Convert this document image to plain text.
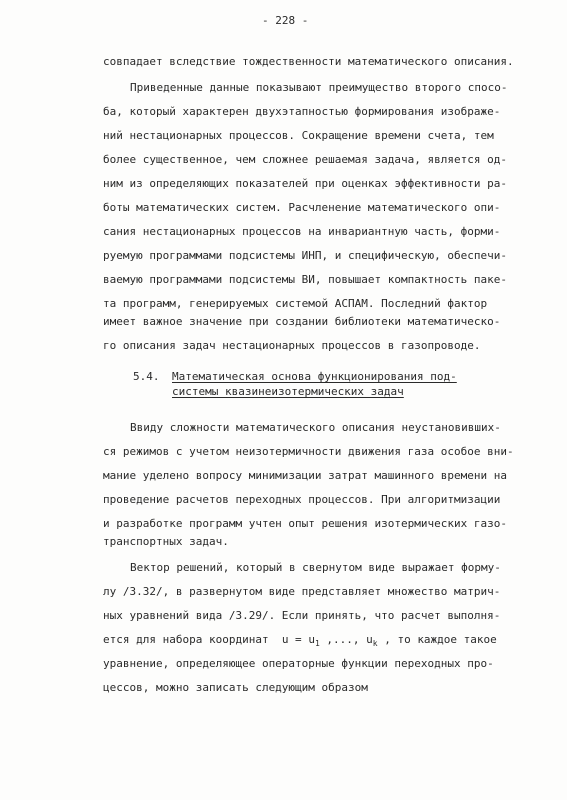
- 228 -
совпадает вследствие тождественности математического описания.
Приведенные данные показывают преимущество второго спосо-
ба, который характерен двухэтапностью формирования изображе-
ний нестационарных процессов. Сокращение времени счета, тем
более существенное, чем сложнее решаемая задача, является од-
ним из определяющих показателей при оценках эффективности ра-
боты математических систем. Расчленение математического опи-
сания нестационарных процессов на инвариантную часть, форми-
руемую программами подсистемы ИНП, и специфическую, обеспечи-
ваемую программами подсистемы ВИ, повышает компактность паке-
та программ, генерируемых системой АСПАМ. Последний фактор
имеет важное значение при создании библиотеки математическо-
го описания задач нестационарных процессов в газопроводе.
5.4. Математическая основа функционирования под-
системы квазинеизотермических задач
Ввиду сложности математического описания неустановивших-
ся режимов с учетом неизотермичности движения газа особое вни-
мание уделено вопросу минимизации затрат машинного времени на
проведение расчетов переходных процессов. При алгоритмизации
и разработке программ учтен опыт решения изотермических газо-
транспортных задач.
Вектор решений, который в свернутом виде выражает форму-
лу /3.32/, в развернутом виде представляет множество матрич-
ных уравнений вида /3.29/. Если принять, что расчет выполня-
ется для набора координат  $u = u_1$ ,..., $u_k$ , то каждое такое
уравнение, определяющее операторные функции переходных про-
цессов, можно записать следующим образом
